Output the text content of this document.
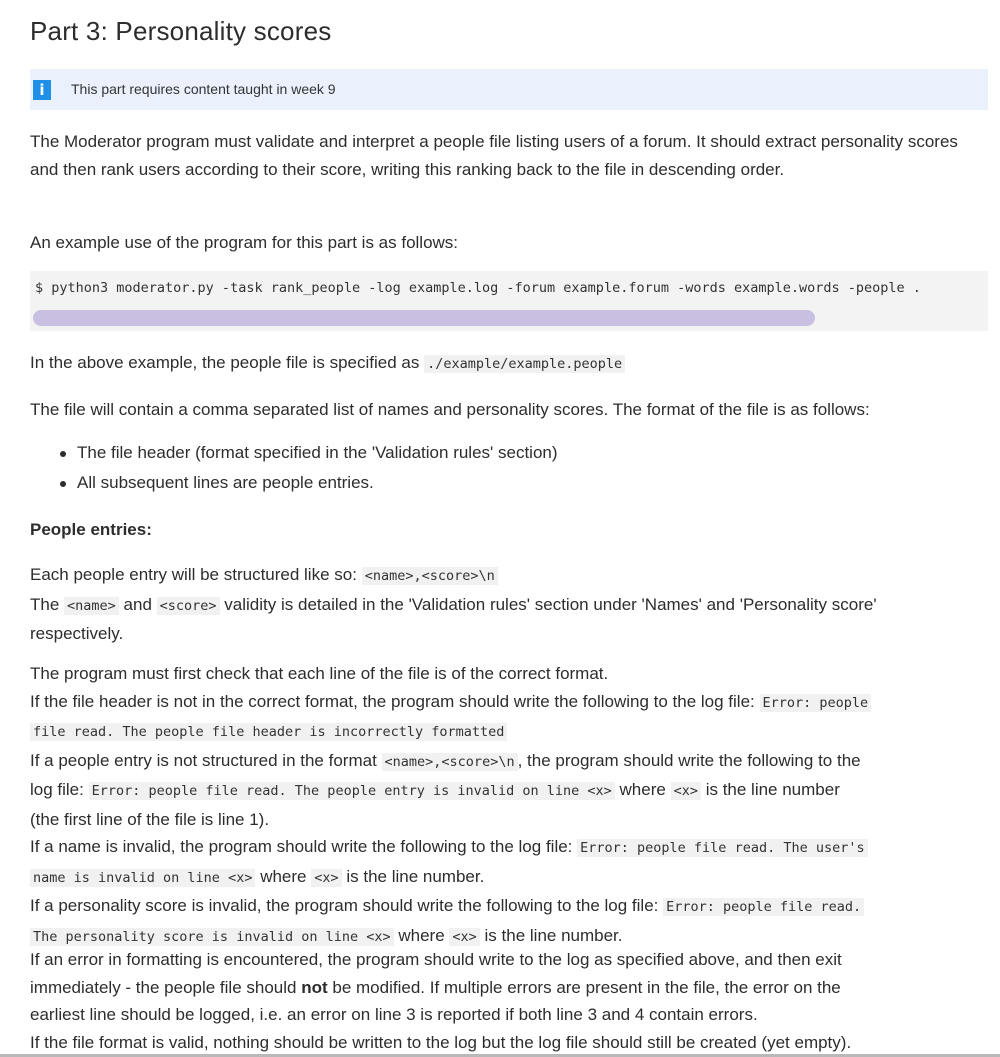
Part 3: Personality scores
i	This part requires content taught in week 9

The Moderator program must validate and interpret a people file listing users of a forum. It should extract personality scores and then rank users according to their score, writing this ranking back to the file in descending order.

An example use of the program for this part is as follows:

$ python3 moderator.py -task rank_people -log example.log -forum example.forum -words example.words -people .

In the above example, the people file is specified as ./example/example.people

The file will contain a comma separated list of names and personality scores. The format of the file is as follows:

The file header (format specified in the 'Validation rules' section)
All subsequent lines are people entries.

People entries:

Each people entry will be structured like so: <name>,<score>\n

The <name> and <score> validity is detailed in the 'Validation rules' section under 'Names' and 'Personality score'

respectively.

The program must first check that each line of the file is of the correct format.

If the file header is not in the correct format, the program should write the following to the log file: Error: people

file read. The people file header is incorrectly formatted

If a people entry is not structured in the format <name>,<score>\n , the program should write the following to the

log file: Error: people file read. The people entry is invalid on line <x> where <x> is the line number

(the first line of the file is line 1).

If a name is invalid, the program should write the following to the log file: Error: people file read. The user's

name is invalid on line <x> where <x> is the line number.

If a personality score is invalid, the program should write the following to the log file: Error: people file read.

The personality score is invalid on line <x> where <x> is the line number.

If an error in formatting is encountered, the program should write to the log as specified above, and then exit

immediately - the people file should not be modified. If multiple errors are present in the file, the error on the

earliest line should be logged, i.e. an error on line 3 is reported if both line 3 and 4 contain errors.

If the file format is valid, nothing should be written to the log but the log file should still be created (yet empty).
